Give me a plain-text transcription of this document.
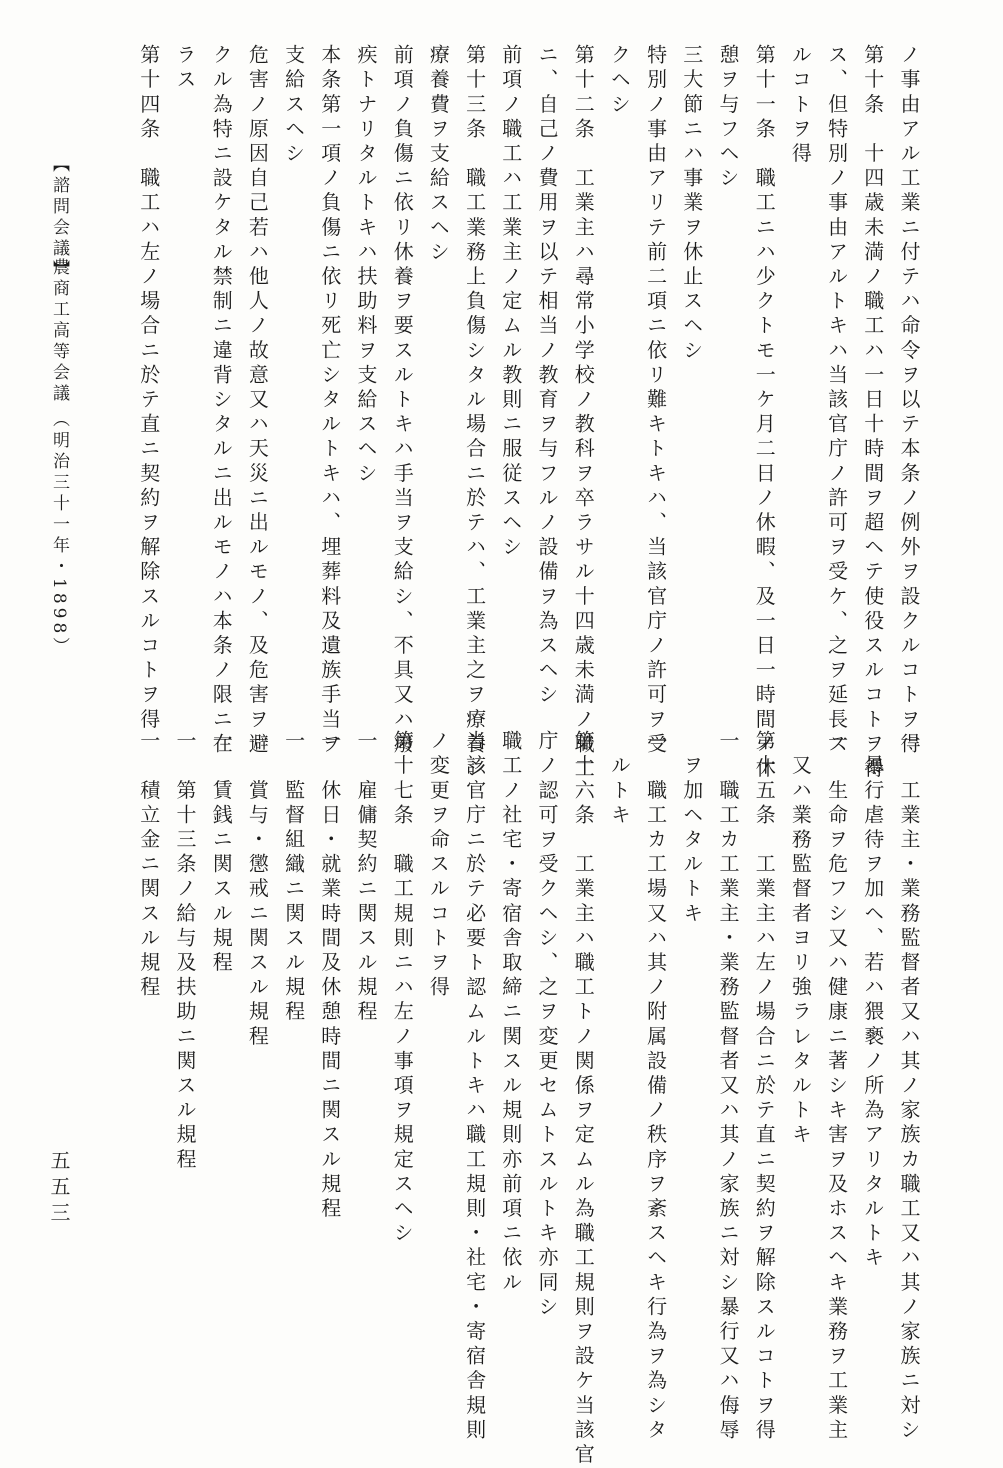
ノ事由アル工業ニ付テハ命令ヲ以テ本条ノ例外ヲ設クルコトヲ得
第十条　十四歳未満ノ職工ハ一日十時間ヲ超ヘテ使役スルコトヲ得
ス、但特別ノ事由アルトキハ当該官庁ノ許可ヲ受ケ、之ヲ延長ス
ルコトヲ得
第十一条　職工ニハ少クトモ一ケ月二日ノ休暇、及一日一時間ノ休
憩ヲ与フヘシ
三大節ニハ事業ヲ休止スヘシ
特別ノ事由アリテ前二項ニ依リ難キトキハ、当該官庁ノ許可ヲ受
クヘシ
第十二条　工業主ハ尋常小学校ノ教科ヲ卒ラサル十四歳未満ノ職工
ニ、自己ノ費用ヲ以テ相当ノ教育ヲ与フルノ設備ヲ為スヘシ
前項ノ職工ハ工業主ノ定ムル教則ニ服従スヘシ
第十三条　職工業務上負傷シタル場合ニ於テハ、工業主之ヲ療養シ
療養費ヲ支給スヘシ
前項ノ負傷ニ依リ休養ヲ要スルトキハ手当ヲ支給シ、不具又ハ癈
疾トナリタルトキハ扶助料ヲ支給スヘシ
本条第一項ノ負傷ニ依リ死亡シタルトキハ、埋葬料及遺族手当ヲ
支給スヘシ
危害ノ原因自己若ハ他人ノ故意又ハ天災ニ出ルモノ、及危害ヲ避
クル為特ニ設ケタル禁制ニ違背シタルニ出ルモノハ本条ノ限ニ在
ラス
第十四条　職工ハ左ノ場合ニ於テ直ニ契約ヲ解除スルコトヲ得
一　工業主・業務監督者又ハ其ノ家族カ職工又ハ其ノ家族ニ対シ
　暴行虐待ヲ加ヘ、若ハ猥褻ノ所為アリタルトキ
一　生命ヲ危フシ又ハ健康ニ著シキ害ヲ及ホスヘキ業務ヲ工業主
　又ハ業務監督者ヨリ強ラレタルトキ
第十五条　工業主ハ左ノ場合ニ於テ直ニ契約ヲ解除スルコトヲ得
一　職工カ工業主・業務監督者又ハ其ノ家族ニ対シ暴行又ハ侮辱
　ヲ加ヘタルトキ
一　職工カ工場又ハ其ノ附属設備ノ秩序ヲ紊スヘキ行為ヲ為シタ
　ルトキ
第十六条　工業主ハ職工トノ関係ヲ定ムル為職工規則ヲ設ケ当該官
庁ノ認可ヲ受クヘシ、之ヲ変更セムトスルトキ亦同シ
職工ノ社宅・寄宿舎取締ニ関スル規則亦前項ニ依ル
当該官庁ニ於テ必要ト認ムルトキハ職工規則・社宅・寄宿舎規則
ノ変更ヲ命スルコトヲ得
第十七条　職工規則ニハ左ノ事項ヲ規定スヘシ
一　雇傭契約ニ関スル規程
一　休日・就業時間及休憩時間ニ関スル規程
一　監督組織ニ関スル規程
一　賞与・懲戒ニ関スル規程
一　賃銭ニ関スル規程
一　第十三条ノ給与及扶助ニ関スル規程
一　積立金ニ関スル規程
【諮問会議】
農商工高等会議
（明治三十一年・1898）
五五三
